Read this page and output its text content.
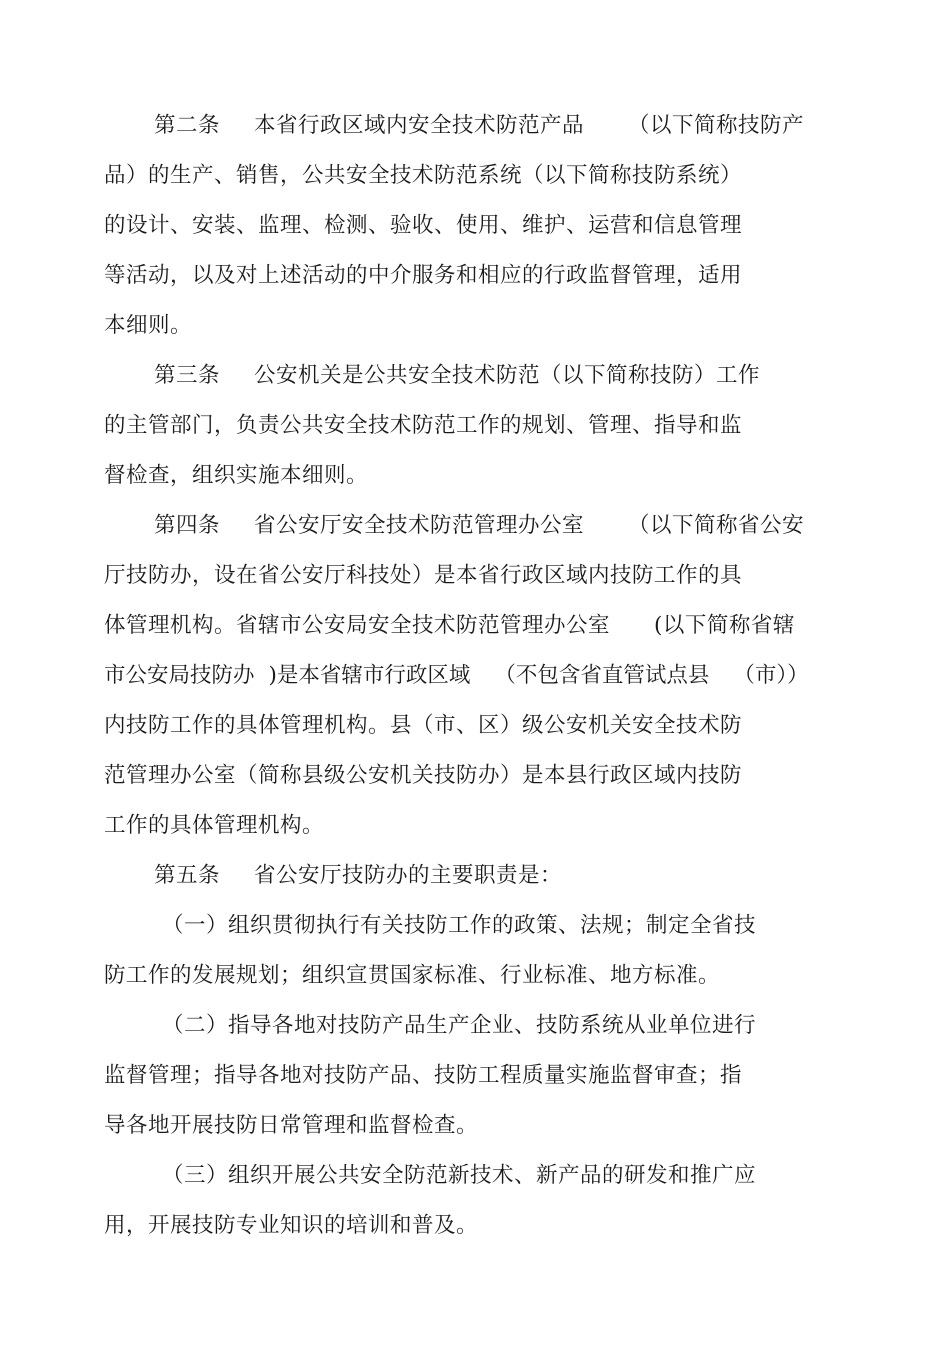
第二条 本省行政区域内安全技术防范产品 （以下简称技防产
品）的生产、销售，公共安全技术防范系统（以下简称技防系统）
的设计、安装、监理、检测、验收、使用、维护、运营和信息管理
等活动，以及对上述活动的中介服务和相应的行政监督管理，适用
本细则。
第三条 公安机关是公共安全技术防范（以下简称技防）工作
的主管部门，负责公共安全技术防范工作的规划、管理、指导和监
督检查，组织实施本细则。
第四条 省公安厅安全技术防范管理办公室 （以下简称省公安
厅技防办，设在省公安厅科技处）是本省行政区域内技防工作的具
体管理机构。省辖市公安局安全技术防范管理办公室 (以下简称省辖
市公安局技防办 )是本省辖市行政区域 （不包含省直管试点县 （市））
内技防工作的具体管理机构。县（市、区）级公安机关安全技术防
范管理办公室（简称县级公安机关技防办）是本县行政区域内技防
工作的具体管理机构。
第五条 省公安厅技防办的主要职责是：
（一）组织贯彻执行有关技防工作的政策、法规；制定全省技
防工作的发展规划；组织宣贯国家标准、行业标准、地方标准。
（二）指导各地对技防产品生产企业、技防系统从业单位进行
监督管理；指导各地对技防产品、技防工程质量实施监督审查；指
导各地开展技防日常管理和监督检查。
（三）组织开展公共安全防范新技术、新产品的研发和推广应
用，开展技防专业知识的培训和普及。
